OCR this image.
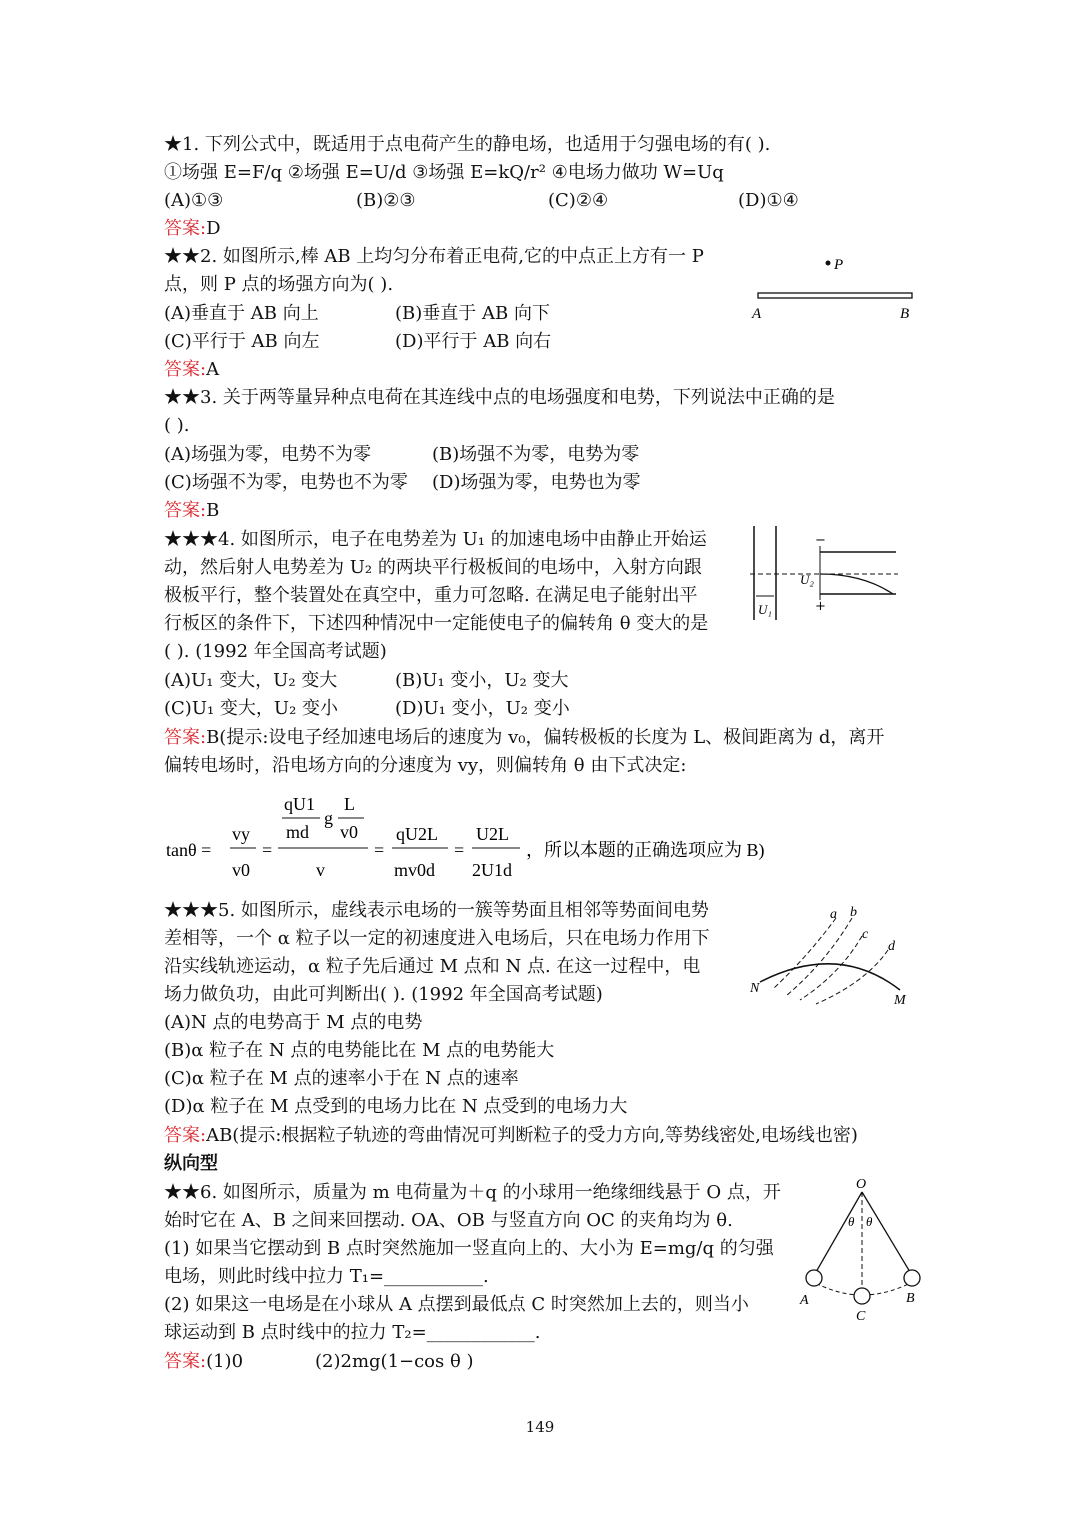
★1. 下列公式中，既适用于点电荷产生的静电场，也适用于匀强电场的有( ).
①场强 E=F/q ②场强 E=U/d ③场强 E=kQ/r² ④电场力做功 W=Uq
(A)①③	(B)②③	(C)②④	(D)①④
答案:D
★★2. 如图所示,棒 AB 上均匀分布着正电荷,它的中点正上方有一 P
点，则 P 点的场强方向为( ).
(A)垂直于 AB 向上	(B)垂直于 AB 向下
(C)平行于 AB 向左	(D)平行于 AB 向右
答案:A
P
A	B
★★3. 关于两等量异种点电荷在其连线中点的电场强度和电势，下列说法中正确的是
( ).
(A)场强为零，电势不为零	(B)场强不为零，电势为零
(C)场强不为零，电势也不为零 (D)场强为零，电势也为零
答案:B
★★★4. 如图所示，电子在电势差为 U₁ 的加速电场中由静止开始运
动，然后射人电势差为 U₂ 的两块平行极板间的电场中，入射方向跟
极板平行，整个装置处在真空中，重力可忽略. 在满足电子能射出平
行板区的条件下，下述四种情况中一定能使电子的偏转角 θ 变大的是
( ). (1992 年全国高考试题)
(A)U₁ 变大，U₂ 变大	(B)U₁ 变小，U₂ 变大
(C)U₁ 变大，U₂ 变小	(D)U₁ 变小，U₂ 变小
答案:B(提示:设电子经加速电场后的速度为 v₀，偏转极板的长度为 L、极间距离为 d，离开
偏转电场时，沿电场方向的分速度为 vy，则偏转角 θ 由下式决定:
tanθ =
vy
v0
=
qU1
md
g
L
v0
v
=
qU2L
mv0d
=
U2L
2U1d
，所以本题的正确选项应为 B)
−
+
U₂
U₁
★★★5. 如图所示，虚线表示电场的一簇等势面且相邻等势面间电势
差相等，一个 α 粒子以一定的初速度进入电场后，只在电场力作用下
沿实线轨迹运动，α 粒子先后通过 M 点和 N 点. 在这一过程中，电
场力做负功，由此可判断出( ). (1992 年全国高考试题)
(A)N 点的电势高于 M 点的电势
(B)α 粒子在 N 点的电势能比在 M 点的电势能大
(C)α 粒子在 M 点的速率小于在 N 点的速率
(D)α 粒子在 M 点受到的电场力比在 N 点受到的电场力大
答案:AB(提示:根据粒子轨迹的弯曲情况可判断粒子的受力方向,等势线密处,电场线也密)
a b
c
d
N
M
纵向型
★★6. 如图所示，质量为 m 电荷量为＋q 的小球用一绝缘细线悬于 O 点，开
始时它在 A、B 之间来回摆动. OA、OB 与竖直方向 OC 的夹角均为 θ.
(1) 如果当它摆动到 B 点时突然施加一竖直向上的、大小为 E=mg/q 的匀强
电场，则此时线中拉力 T₁=___________.
(2) 如果这一电场是在小球从 A 点摆到最低点 C 时突然加上去的，则当小
球运动到 B 点时线中的拉力 T₂=____________.
答案:(1)0	(2)2mg(1−cos θ )
O
θ θ
A	B
C
149
